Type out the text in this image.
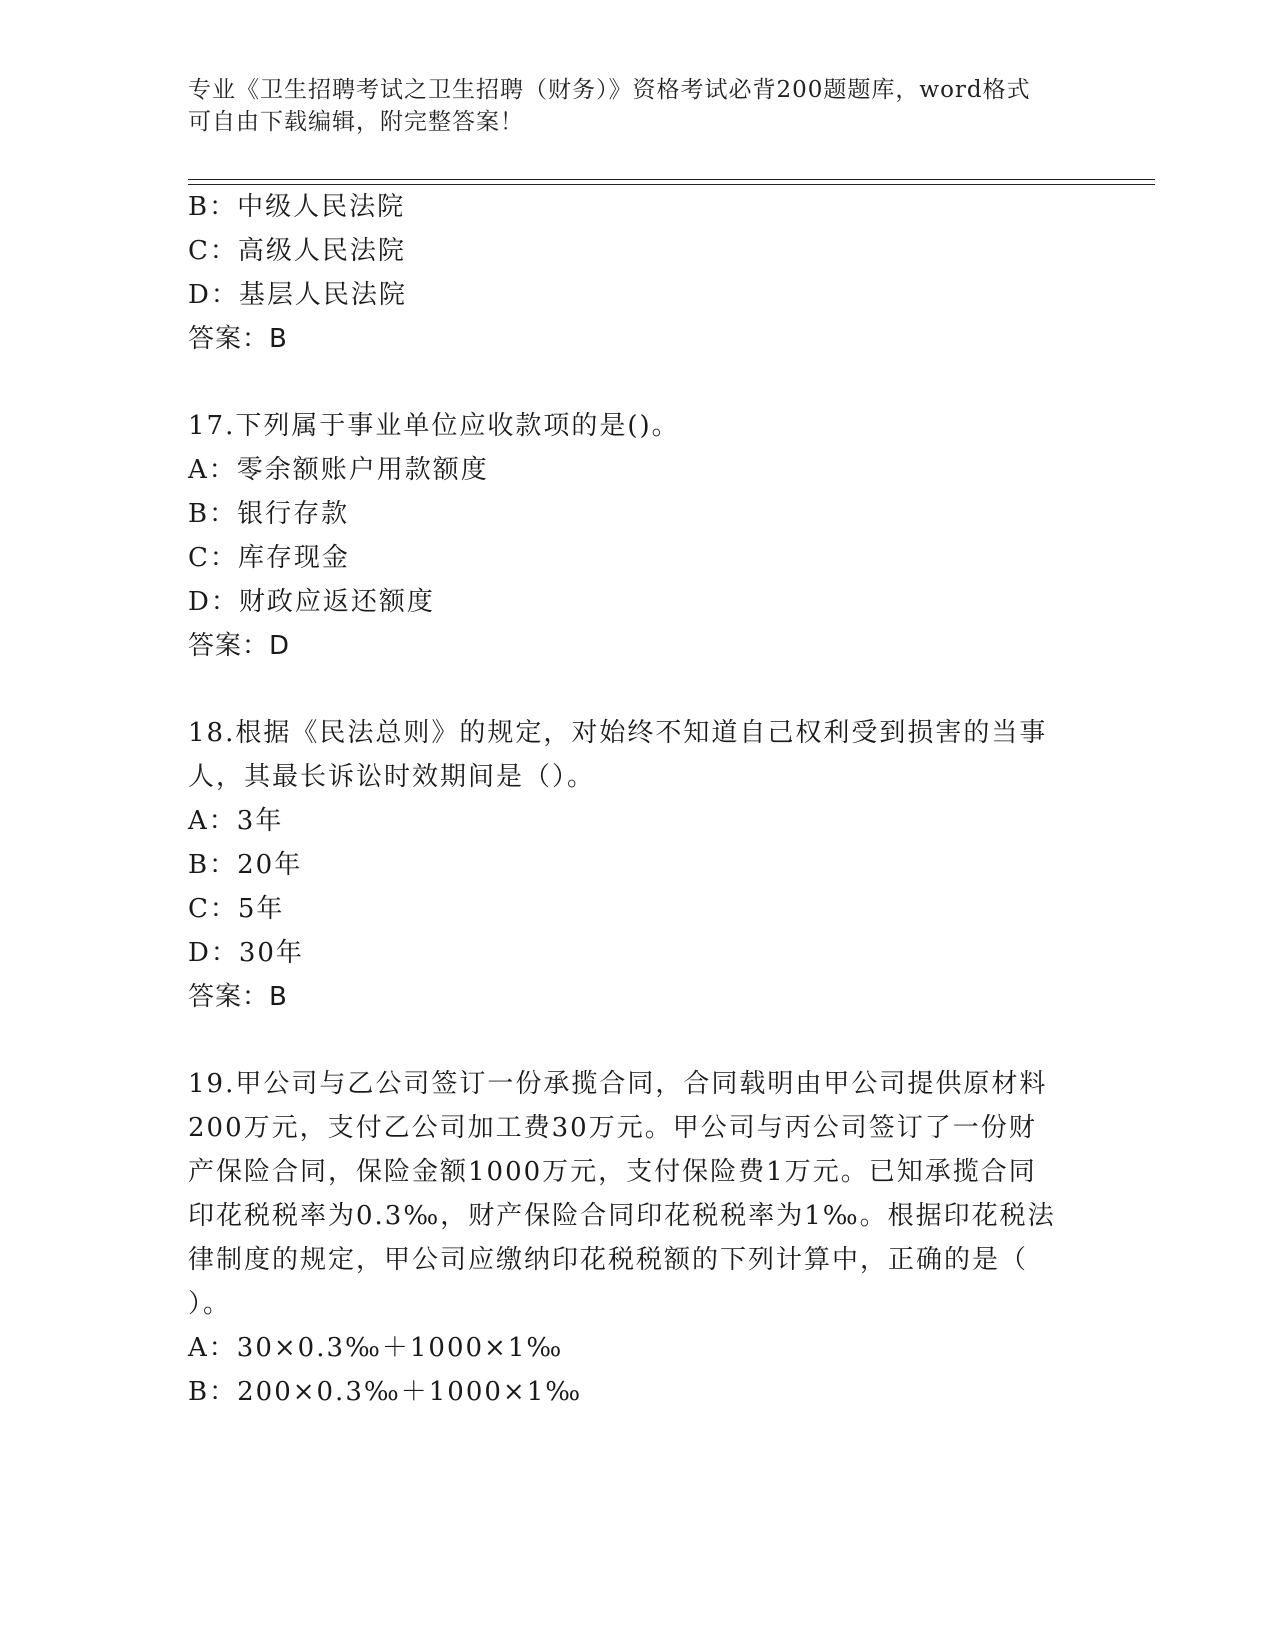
专业《卫生招聘考试之卫生招聘（财务）》资格考试必背200题题库，word格式
可自由下载编辑，附完整答案！
B：中级人民法院
C：高级人民法院
D：基层人民法院
答案：B
17.下列属于事业单位应收款项的是()。
A：零余额账户用款额度
B：银行存款
C：库存现金
D：财政应返还额度
答案：D
18.根据《民法总则》的规定，对始终不知道自己权利受到损害的当事
人，其最长诉讼时效期间是（）。
A：3年
B：20年
C：5年
D：30年
答案：B
19.甲公司与乙公司签订一份承揽合同，合同载明由甲公司提供原材料
200万元，支付乙公司加工费30万元。甲公司与丙公司签订了一份财
产保险合同，保险金额1000万元，支付保险费1万元。已知承揽合同
印花税税率为0.3‰，财产保险合同印花税税率为1‰。根据印花税法
律制度的规定，甲公司应缴纳印花税税额的下列计算中，正确的是（
）。
A：30×0.3‰＋1000×1‰
B：200×0.3‰＋1000×1‰
